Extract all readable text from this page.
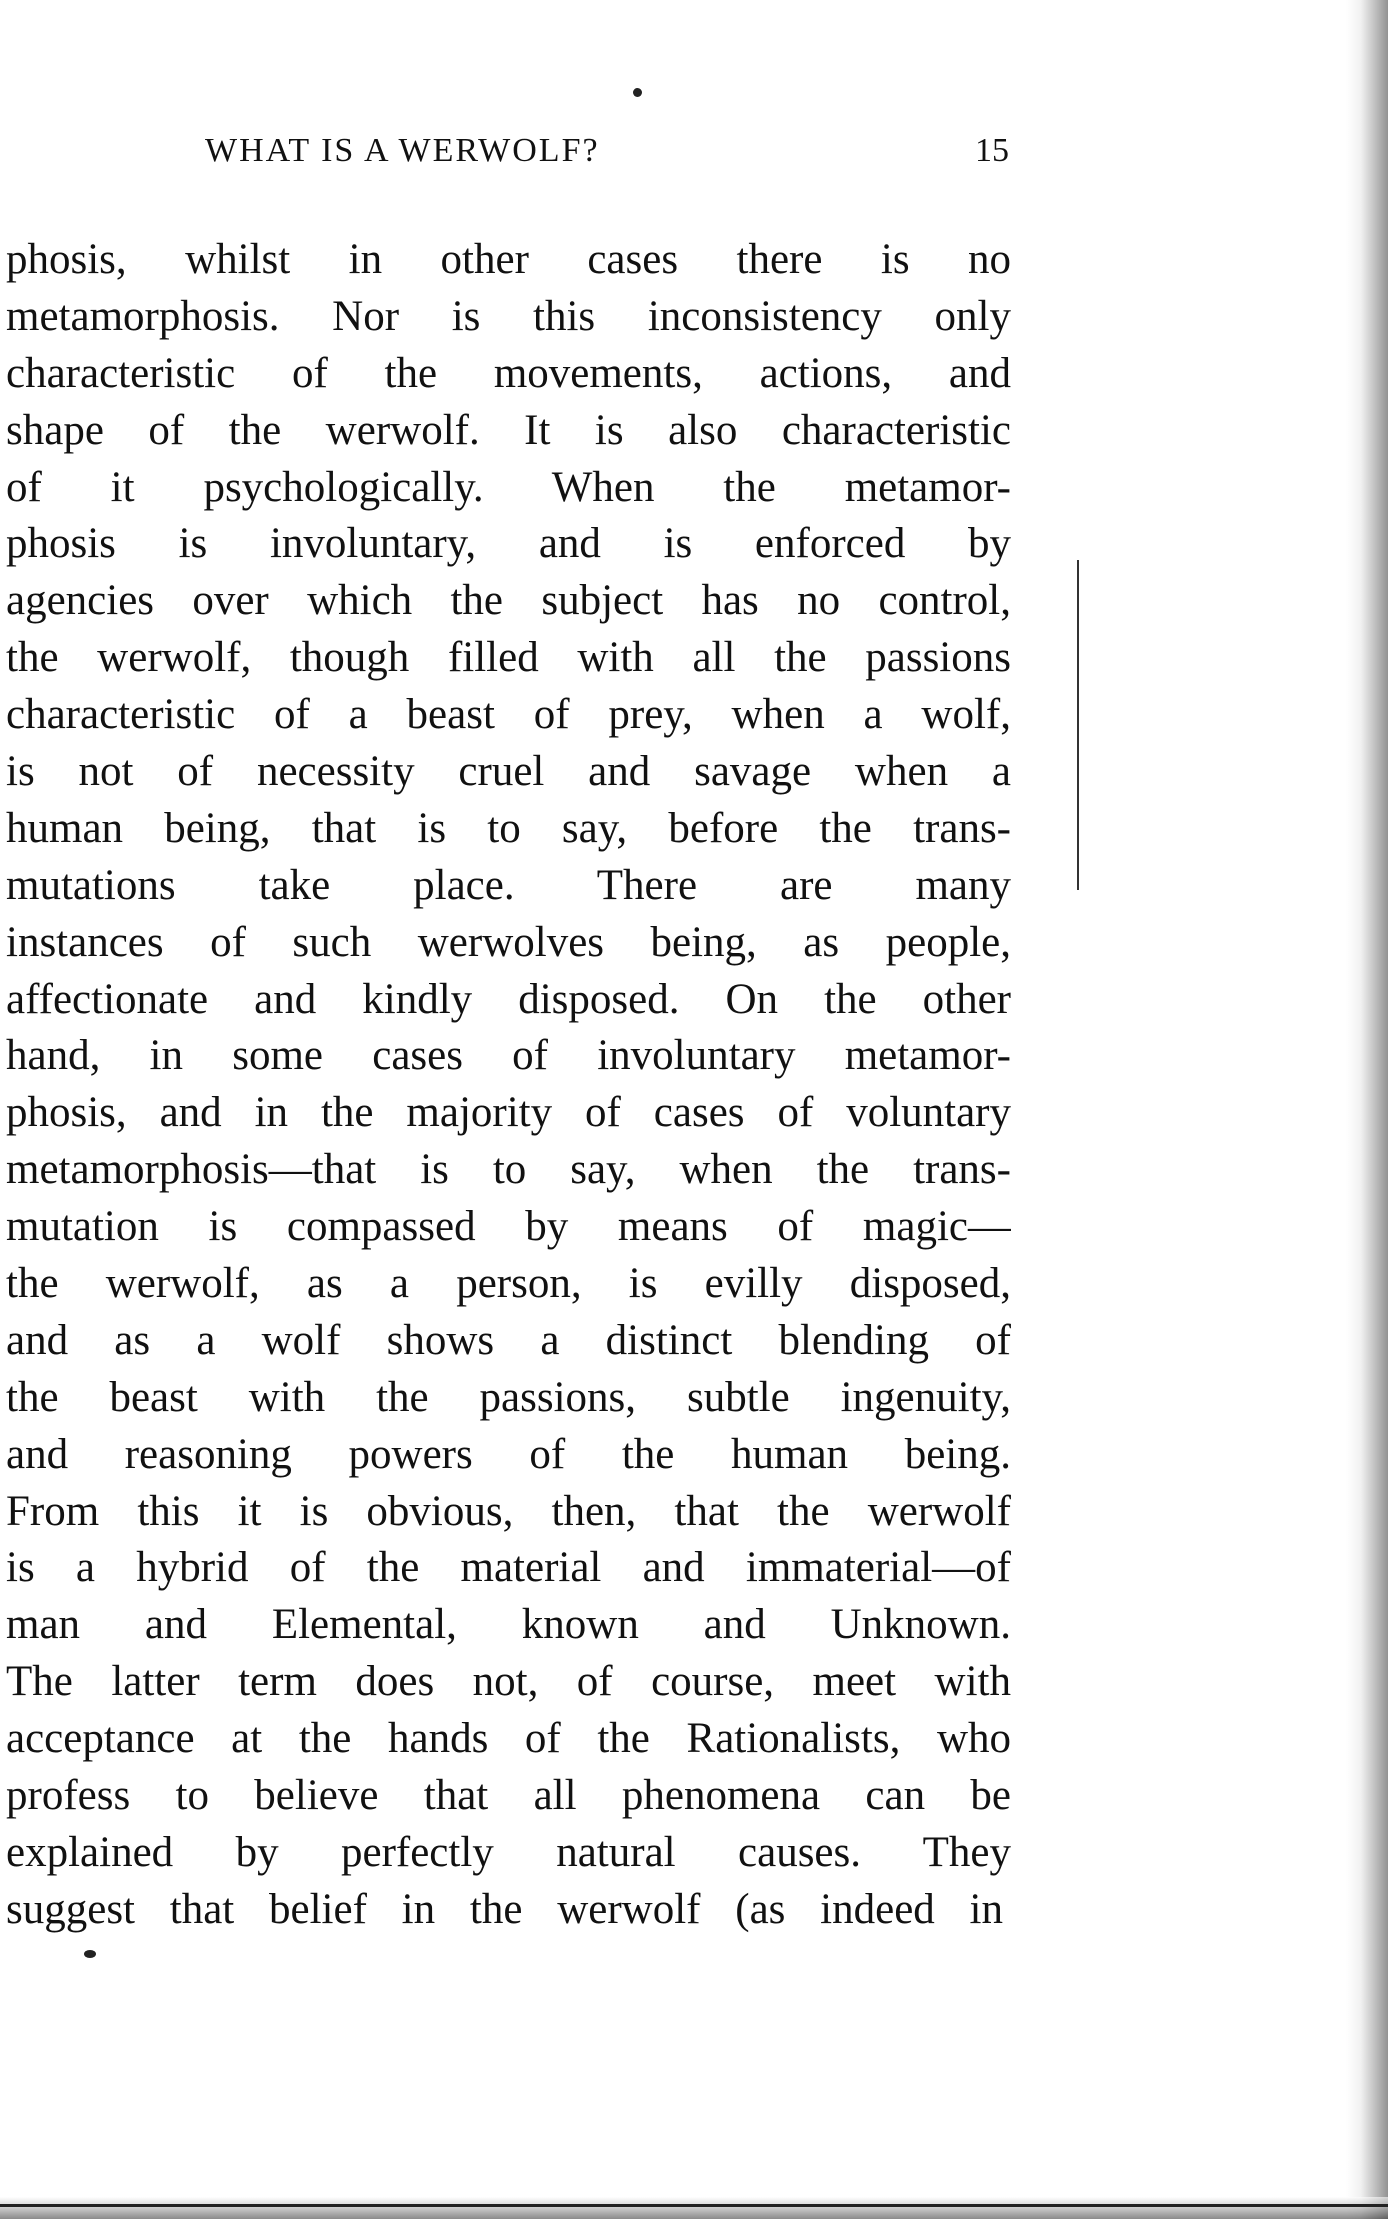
WHAT IS A WERWOLF?	15
phosis, whilst in other cases there is no
metamorphosis. Nor is this inconsistency only
characteristic of the movements, actions, and
shape of the werwolf. It is also characteristic
of it psychologically. When the metamor-
phosis is involuntary, and is enforced by
agencies over which the subject has no control,
the werwolf, though filled with all the passions
characteristic of a beast of prey, when a wolf,
is not of necessity cruel and savage when a
human being, that is to say, before the trans-
mutations take place. There are many
instances of such werwolves being, as people,
affectionate and kindly disposed. On the other
hand, in some cases of involuntary metamor-
phosis, and in the majority of cases of voluntary
metamorphosis—that is to say, when the trans-
mutation is compassed by means of magic—
the werwolf, as a person, is evilly disposed,
and as a wolf shows a distinct blending of
the beast with the passions, subtle ingenuity,
and reasoning powers of the human being.
From this it is obvious, then, that the werwolf
is a hybrid of the material and immaterial—of
man and Elemental, known and Unknown.
The latter term does not, of course, meet with
acceptance at the hands of the Rationalists, who
profess to believe that all phenomena can be
explained by perfectly natural causes. They
suggest that belief in the werwolf (as indeed in
